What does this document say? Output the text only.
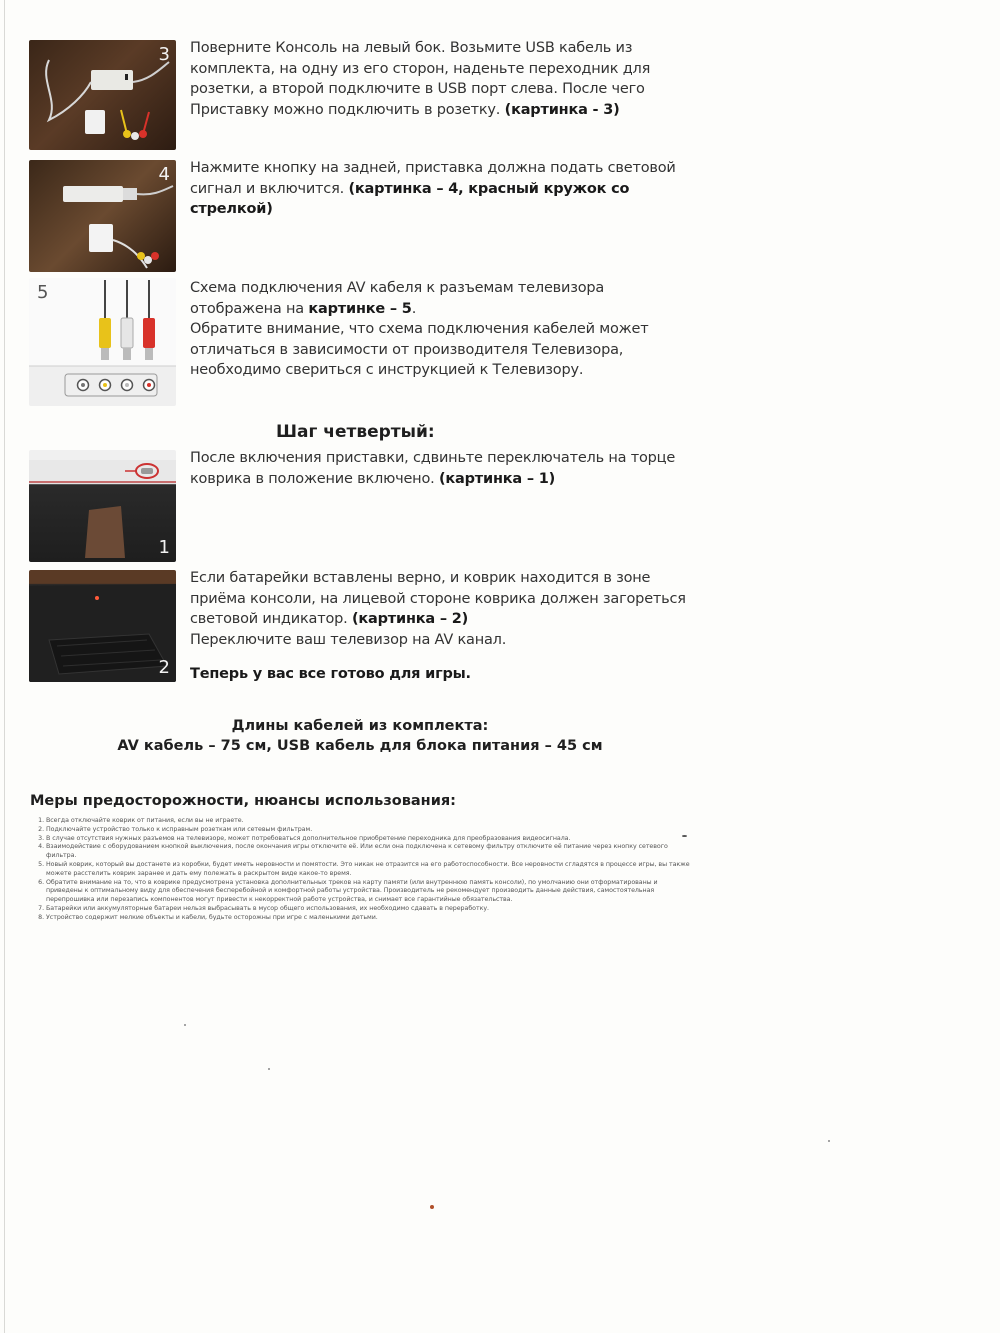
3
4
5
1
2
Поверните Консоль на левый бок. Возьмите USB кабель из комплекта, на одну из его сторон, наденьте переходник для розетки, а второй подключите в USB порт слева. После чего Приставку можно подключить в розетку. (картинка - 3)
Нажмите кнопку на задней, приставка должна подать световой сигнал и включится. (картинка – 4, красный кружок со стрелкой)
Схема подключения AV кабеля к разъемам телевизора отображена на картинке – 5.
Обратите внимание, что схема подключения кабелей может отличаться в зависимости от производителя Телевизора, необходимо свериться с инструкцией к Телевизору.
Шаг четвертый:
После включения приставки, сдвиньте переключатель на торце коврика в положение включено. (картинка – 1)
Если батарейки вставлены верно, и коврик находится в зоне приёма консоли, на лицевой стороне коврика должен загореться световой индикатор. (картинка – 2)
Переключите ваш телевизор на AV канал.
Теперь у вас все готово для игры.
Длины кабелей из комплекта:
AV кабель – 75 см, USB кабель для блока питания – 45 см
Меры предосторожности, нюансы использования:
1. Всегда отключайте коврик от питания, если вы не играете.
2. Подключайте устройство только к исправным розеткам или сетевым фильтрам.
3. В случае отсутствия нужных разъемов на телевизоре, может потребоваться дополнительное приобретение переходника для преобразования видеосигнала.
4. Взаимодействие с оборудованием кнопкой выключения, после окончания игры отключите её. Или если она подключена к сетевому фильтру отключите её питание через кнопку сетевого фильтра.
5. Новый коврик, который вы достанете из коробки, будет иметь неровности и помятости. Это никак не отразится на его работоспособности. Все неровности сгладятся в процессе игры, вы также можете расстелить коврик заранее и дать ему полежать в раскрытом виде какое-то время.
6. Обратите внимание на то, что в коврике предусмотрена установка дополнительных треков на карту памяти (или внутреннюю память консоли), по умолчанию они отформатированы и приведены к оптимальному виду для обеспечения бесперебойной и комфортной работы устройства. Производитель не рекомендует производить данные действия, самостоятельная перепрошивка или перезапись компонентов могут привести к некорректной работе устройства, и снимает все гарантийные обязательства.
7. Батарейки или аккумуляторные батареи нельзя выбрасывать в мусор общего использования, их необходимо сдавать в переработку.
8. Устройство содержит мелкие объекты и кабели, будьте осторожны при игре с маленькими детьми.
